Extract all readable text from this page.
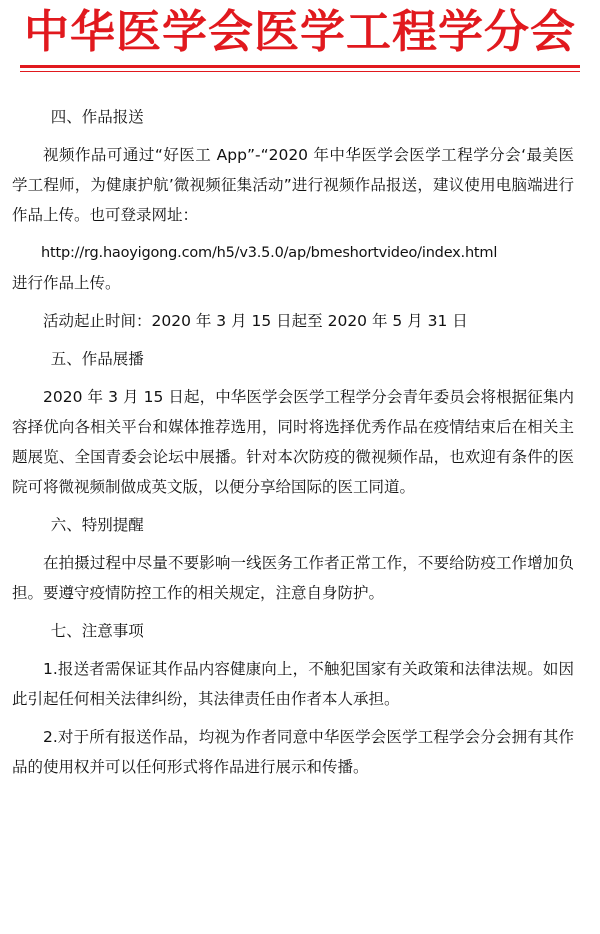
中华医学会医学工程学分会

四、作品报送

视频作品可通过“好医工 App”-“2020 年中华医学会医学工程学分会‘最美医学工程师，为健康护航’微视频征集活动”进行视频作品报送，建议使用电脑端进行作品上传。也可登录网址：

http://rg.haoyigong.com/h5/v3.5.0/ap/bmeshortvideo/index.html

进行作品上传。

活动起止时间：2020 年 3 月 15 日起至 2020 年 5 月 31 日

五、作品展播

2020 年 3 月 15 日起，中华医学会医学工程学分会青年委员会将根据征集内容择优向各相关平台和媒体推荐选用，同时将选择优秀作品在疫情结束后在相关主题展览、全国青委会论坛中展播。针对本次防疫的微视频作品，也欢迎有条件的医院可将微视频制做成英文版，以便分享给国际的医工同道。

六、特别提醒

在拍摄过程中尽量不要影响一线医务工作者正常工作，不要给防疫工作增加负担。要遵守疫情防控工作的相关规定，注意自身防护。

七、注意事项

1.报送者需保证其作品内容健康向上，不触犯国家有关政策和法律法规。如因此引起任何相关法律纠纷，其法律责任由作者本人承担。

2.对于所有报送作品，均视为作者同意中华医学会医学工程学会分会拥有其作品的使用权并可以任何形式将作品进行展示和传播。
